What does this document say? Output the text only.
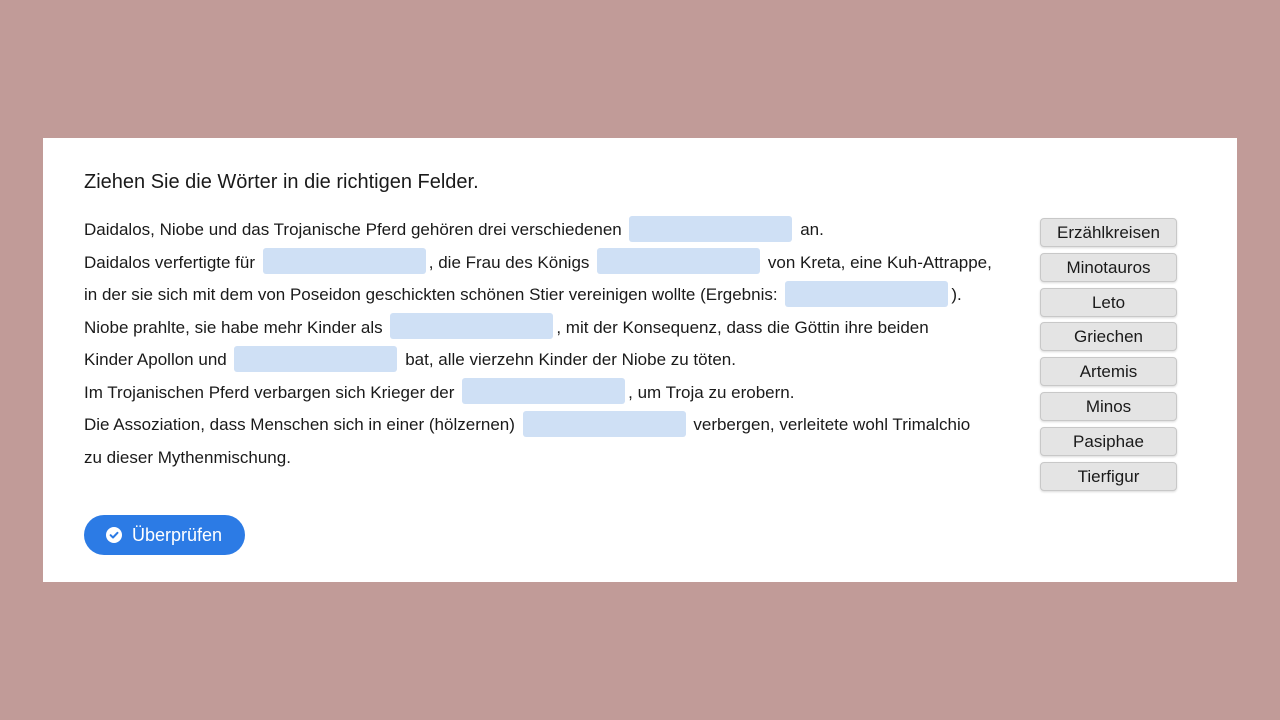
Ziehen Sie die Wörter in die richtigen Felder.
Daidalos, Niobe und das Trojanische Pferd gehören drei verschiedenen	an.
Daidalos verfertigte für	, die Frau des Königs	von Kreta, eine Kuh-Attrappe,
in der sie sich mit dem von Poseidon geschickten schönen Stier vereinigen wollte (Ergebnis:	).
Niobe prahlte, sie habe mehr Kinder als	, mit der Konsequenz, dass die Göttin ihre beiden
Kinder Apollon und	bat, alle vierzehn Kinder der Niobe zu töten.
Im Trojanischen Pferd verbargen sich Krieger der	, um Troja zu erobern.
Die Assoziation, dass Menschen sich in einer (hölzernen)	verbergen, verleitete wohl Trimalchio
zu dieser Mythenmischung.
Erzählkreisen
Minotauros
Leto
Griechen
Artemis
Minos
Pasiphae
Tierfigur
Überprüfen
